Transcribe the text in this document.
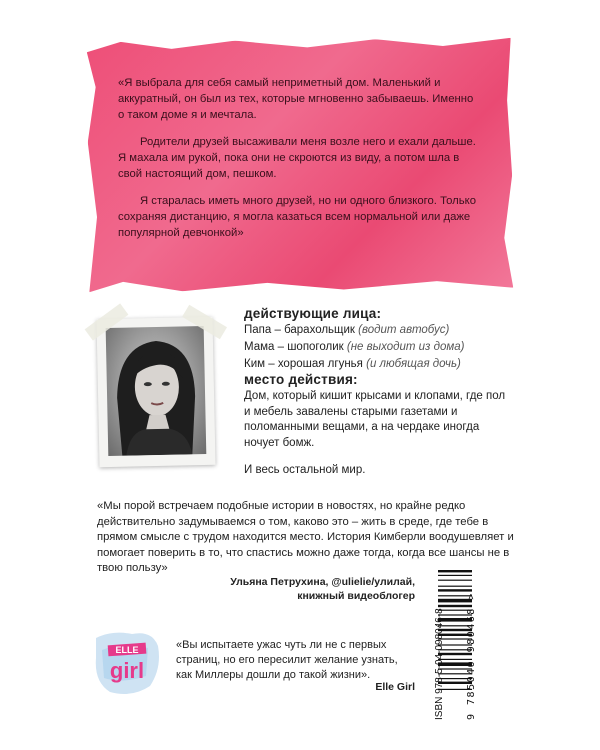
«Я выбрала для себя самый неприметный дом. Маленький и аккуратный, он был из тех, которые мгновенно забываешь. Именно о таком доме я и мечтала.

Родители друзей высаживали меня возле него и ехали дальше. Я махала им рукой, пока они не скроются из виду, а потом шла в свой настоящий дом, пешком.

Я старалась иметь много друзей, но ни одного близкого. Только сохраняя дистанцию, я могла казаться всем нормальной или даже популярной девчонкой»

действующие лица:
Папа – барахольщик (водит автобус)
Мама – шопоголик (не выходит из дома)
Ким – хорошая лгунья (и любящая дочь)
место действия:
Дом, который кишит крысами и клопами, где пол и мебель завалены старыми газетами и поломанными вещами, а на чердаке иногда ночует бомж.
И весь остальной мир.
«Мы порой встречаем подобные истории в новостях, но крайне редко действительно задумываемся о том, каково это – жить в среде, где тебе в прямом смысле с трудом находится место. История Кимберли воодушевляет и помогает поверить в то, что спастись можно даже тогда, когда все шансы не в твою пользу»
Ульяна Петрухина, @ulielie/улилай,
книжный видеоблогер
ELLE
girl
«Вы испытаете ужас чуть ли не с первых страниц, но его пересилит желание узнать, как Миллеры дошли до такой жизни».
Elle Girl ISBN 978-5-04-098046-8 9 785040 980468 >
